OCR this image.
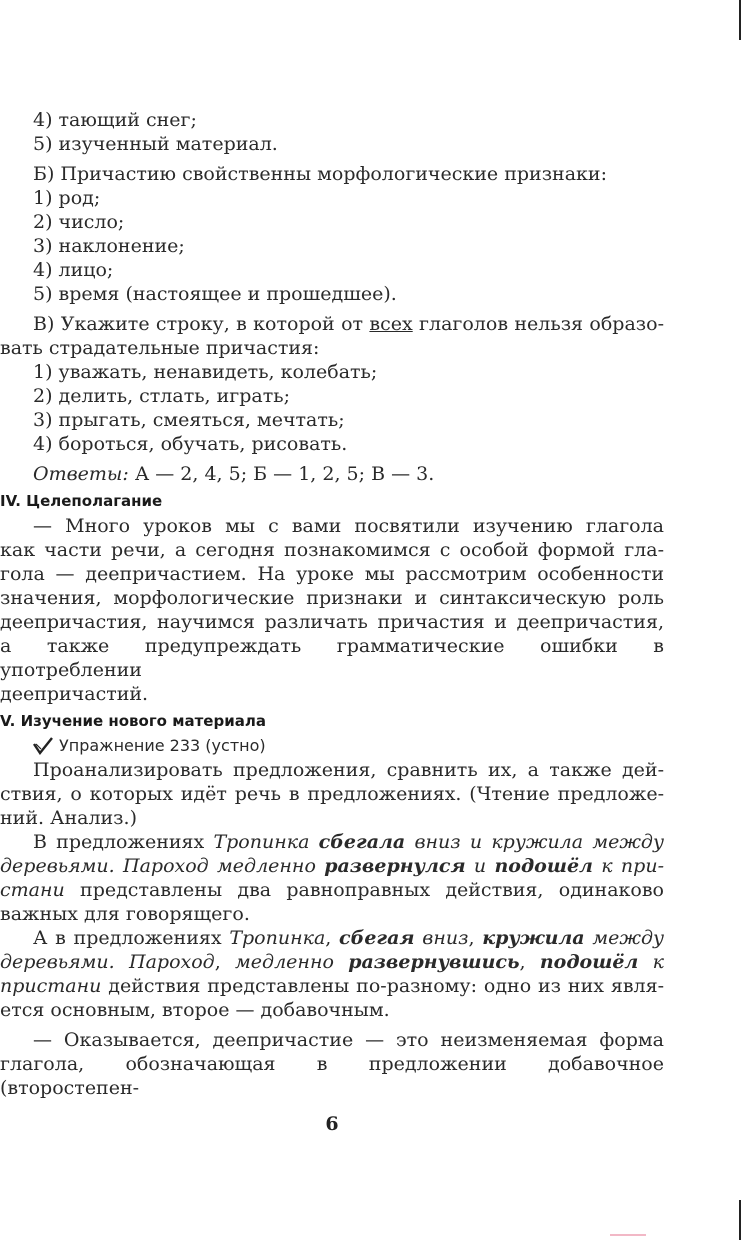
4) тающий снег;
5) изученный материал.
Б) Причастию свойственны морфологические признаки:
1) род;
2) число;
3) наклонение;
4) лицо;
5) время (настоящее и прошедшее).
В) Укажите строку, в которой от всех глаголов нельзя образо-
вать страдательные причастия:
1) уважать, ненавидеть, колебать;
2) делить, стлать, играть;
3) прыгать, смеяться, мечтать;
4) бороться, обучать, рисовать.
Ответы: А — 2, 4, 5; Б — 1, 2, 5; В — 3.
IV. Целеполагание
— Много уроков мы с вами посвятили изучению глагола
как части речи, а сегодня познакомимся с особой формой гла-
гола — деепричастием. На уроке мы рассмотрим особенности
значения, морфологические признаки и синтаксическую роль
деепричастия, научимся различать причастия и деепричастия,
а также предупреждать грамматические ошибки в употреблении
деепричастий.
V. Изучение нового материала
Упражнение 233 (устно)
Проанализировать предложения, сравнить их, а также дей-
ствия, о которых идёт речь в предложениях. (Чтение предложе-
ний. Анализ.)
В предложениях Тропинка сбегала вниз и кружила между
деревьями. Пароход медленно развернулся и подошёл к при-
стани представлены два равноправных действия, одинаково
важных для говорящего.
А в предложениях Тропинка, сбегая вниз, кружила между
деревьями. Пароход, медленно развернувшись, подошёл к
пристани действия представлены по-разному: одно из них явля-
ется основным, второе — добавочным.
— Оказывается, деепричастие — это неизменяемая форма
глагола, обозначающая в предложении добавочное (второстепен-
6
